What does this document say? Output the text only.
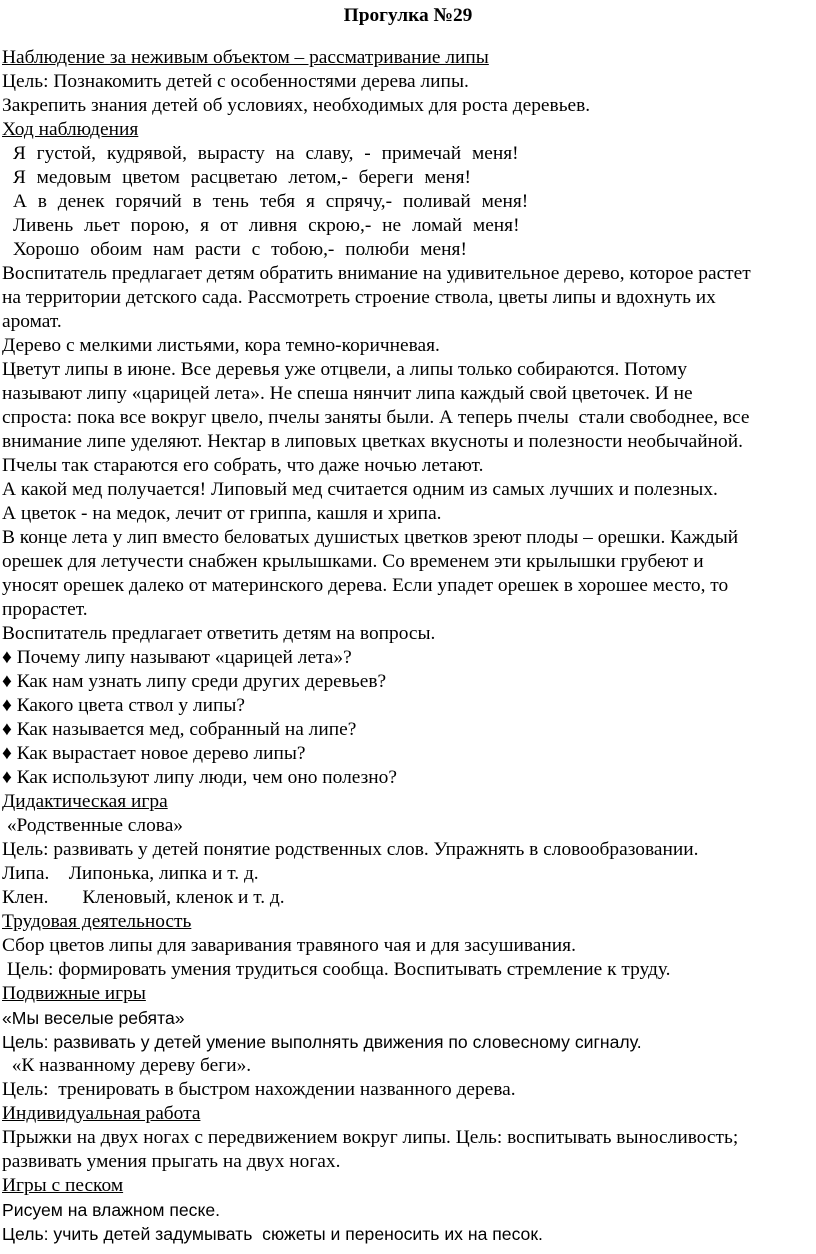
Прогулка №29
Наблюдение за неживым объектом – рассматривание липы
Цель: Познакомить детей с особенностями дерева липы.
Закрепить знания детей об условиях, необходимых для роста деревьев.
Ход наблюдения
Я густой, кудрявой, вырасту на славу, - примечай меня!
Я медовым цветом расцветаю летом,- береги меня!
А в денек горячий в тень тебя я спрячу,- поливай меня!
Ливень льет порою, я от ливня скрою,- не ломай меня!
Хорошо обоим нам расти с тобою,- полюби меня!
Воспитатель предлагает детям обратить внимание на удивительное дерево, которое растет
на территории детского сада. Рассмотреть строение ствола, цветы липы и вдохнуть их
аромат.
Дерево с мелкими листьями, кора темно-коричневая.
Цветут липы в июне. Все деревья уже отцвели, а липы только собираются. Потому
называют липу «царицей лета». Не спеша нянчит липа каждый свой цветочек. И не
спроста: пока все вокруг цвело, пчелы заняты были. А теперь пчелы  стали свободнее, все
внимание липе уделяют. Нектар в липовых цветках вкусноты и полезности необычайной.
Пчелы так стараются его собрать, что даже ночью летают.
А какой мед получается! Липовый мед считается одним из самых лучших и полезных.
А цветок - на медок, лечит от гриппа, кашля и хрипа.
В конце лета у лип вместо беловатых душистых цветков зреют плоды – орешки. Каждый
орешек для летучести снабжен крылышками. Со временем эти крылышки грубеют и
уносят орешек далеко от материнского дерева. Если упадет орешек в хорошее место, то
прорастет.
Воспитатель предлагает ответить детям на вопросы.
♦ Почему липу называют «царицей лета»?
♦ Как нам узнать липу среди других деревьев?
♦ Какого цвета ствол у липы?
♦ Как называется мед, собранный на липе?
♦ Как вырастает новое дерево липы?
♦ Как используют липу люди, чем оно полезно?
Дидактическая игра
«Родственные слова»
Цель: развивать у детей понятие родственных слов. Упражнять в словообразовании.
Липа.    Липонька, липка и т. д.
Клен.       Кленовый, кленок и т. д.
Трудовая деятельность
Сбор цветов липы для заваривания травяного чая и для засушивания.
Цель: формировать умения трудиться сообща. Воспитывать стремление к труду.
Подвижные игры
«Мы веселые ребята»
Цель: развивать у детей умение выполнять движения по словесному сигналу.
«К названному дереву беги».
Цель:  тренировать в быстром нахождении названного дерева.
Индивидуальная работа
Прыжки на двух ногах с передвижением вокруг липы. Цель: воспитывать выносливость;
развивать умения прыгать на двух ногах.
Игры с песком
Рисуем на влажном песке.
Цель: учить детей задумывать  сюжеты и переносить их на песок.
